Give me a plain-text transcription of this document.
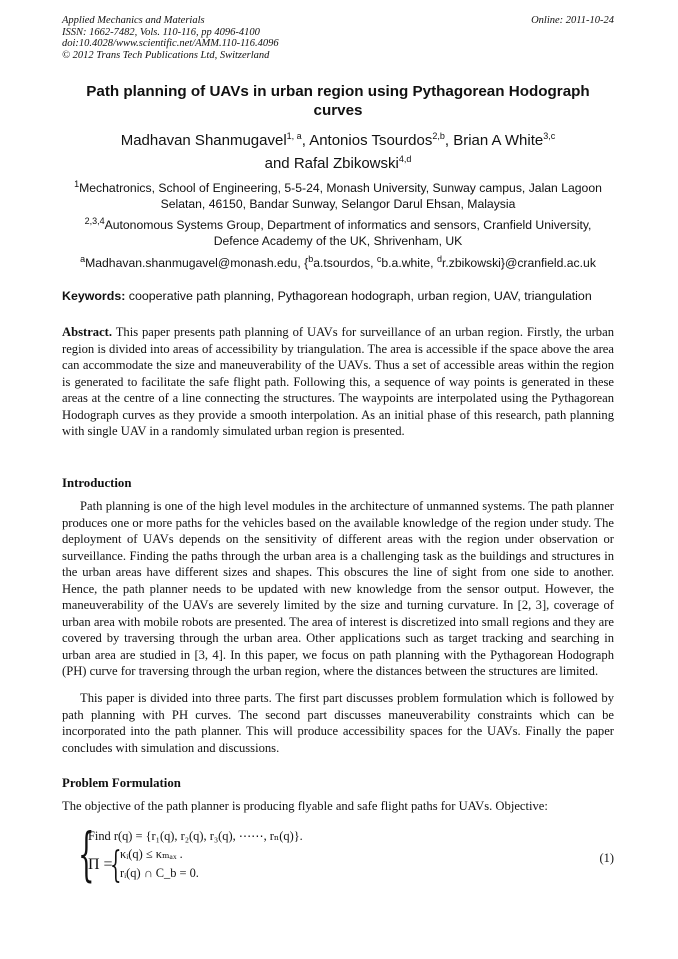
Applied Mechanics and Materials
ISSN: 1662-7482, Vols. 110-116, pp 4096-4100
doi:10.4028/www.scientific.net/AMM.110-116.4096
© 2012 Trans Tech Publications Ltd, Switzerland
Online: 2011-10-24
Path planning of UAVs in urban region using Pythagorean Hodograph curves
Madhavan Shanmugavel$^{1, a}$, Antonios Tsourdos$^{2,b}$, Brian A White$^{3,c}$
and Rafal Zbikowski$^{4,d}$
$^1$Mechatronics, School of Engineering, 5-5-24, Monash University, Sunway campus, Jalan Lagoon Selatan, 46150, Bandar Sunway, Selangor Darul Ehsan, Malaysia
$^{2,3,4}$Autonomous Systems Group, Department of informatics and sensors, Cranfield University, Defence Academy of the UK, Shrivenham, UK
$^a$Madhavan.shanmugavel@monash.edu, {$^b$a.tsourdos, $^c$b.a.white, $^d$r.zbikowski}@cranfield.ac.uk
Keywords: cooperative path planning, Pythagorean hodograph, urban region, UAV, triangulation
Abstract. This paper presents path planning of UAVs for surveillance of an urban region. Firstly, the urban region is divided into areas of accessibility by triangulation. The area is accessible if the space above the area can accommodate the size and maneuverability of the UAVs. Thus a set of accessible areas within the region is generated to facilitate the safe flight path. Following this, a sequence of way points is generated in these areas at the centre of a line connecting the structures. The waypoints are interpolated using the Pythagorean Hodograph curves as they provide a smooth interpolation. As an initial phase of this research, path planning with single UAV in a randomly simulated urban region is presented.
Introduction
Path planning is one of the high level modules in the architecture of unmanned systems. The path planner produces one or more paths for the vehicles based on the available knowledge of the region under study. The deployment of UAVs depends on the sensitivity of different areas with the region under observation or surveillance. Finding the paths through the urban area is a challenging task as the buildings and structures in the urban areas have different sizes and shapes. This obscures the line of sight from one side to another. Hence, the path planner needs to be updated with new knowledge from the sensor output. However, the maneuverability of the UAVs are severely limited by the size and turning curvature. In [2, 3], coverage of urban area with mobile robots are presented. The area of interest is discretized into small regions and they are covered by traversing through the urban area. Other applications such as target tracking and searching in urban area are studied in [3, 4]. In this paper, we focus on path planning with the Pythagorean Hodograph (PH) curve for traversing through the urban region, where the distances between the structures are limited.
This paper is divided into three parts. The first part discusses problem formulation which is followed by path planning with PH curves. The second part discusses maneuverability constraints which can be incorporated into the path planner. This will produce accessibility spaces for the UAVs. Finally the paper concludes with simulation and discussions.
Problem Formulation
The objective of the path planner is producing flyable and safe flight paths for UAVs. Objective:
{
Find r(q) = {r₁(q), r₂(q), r₃(q), ⋯⋯, rₙ(q)}.
Π =
{
κᵢ(q) ≤ κₘₐₓ .
rᵢ(q) ∩ C_b = 0.
(1)
